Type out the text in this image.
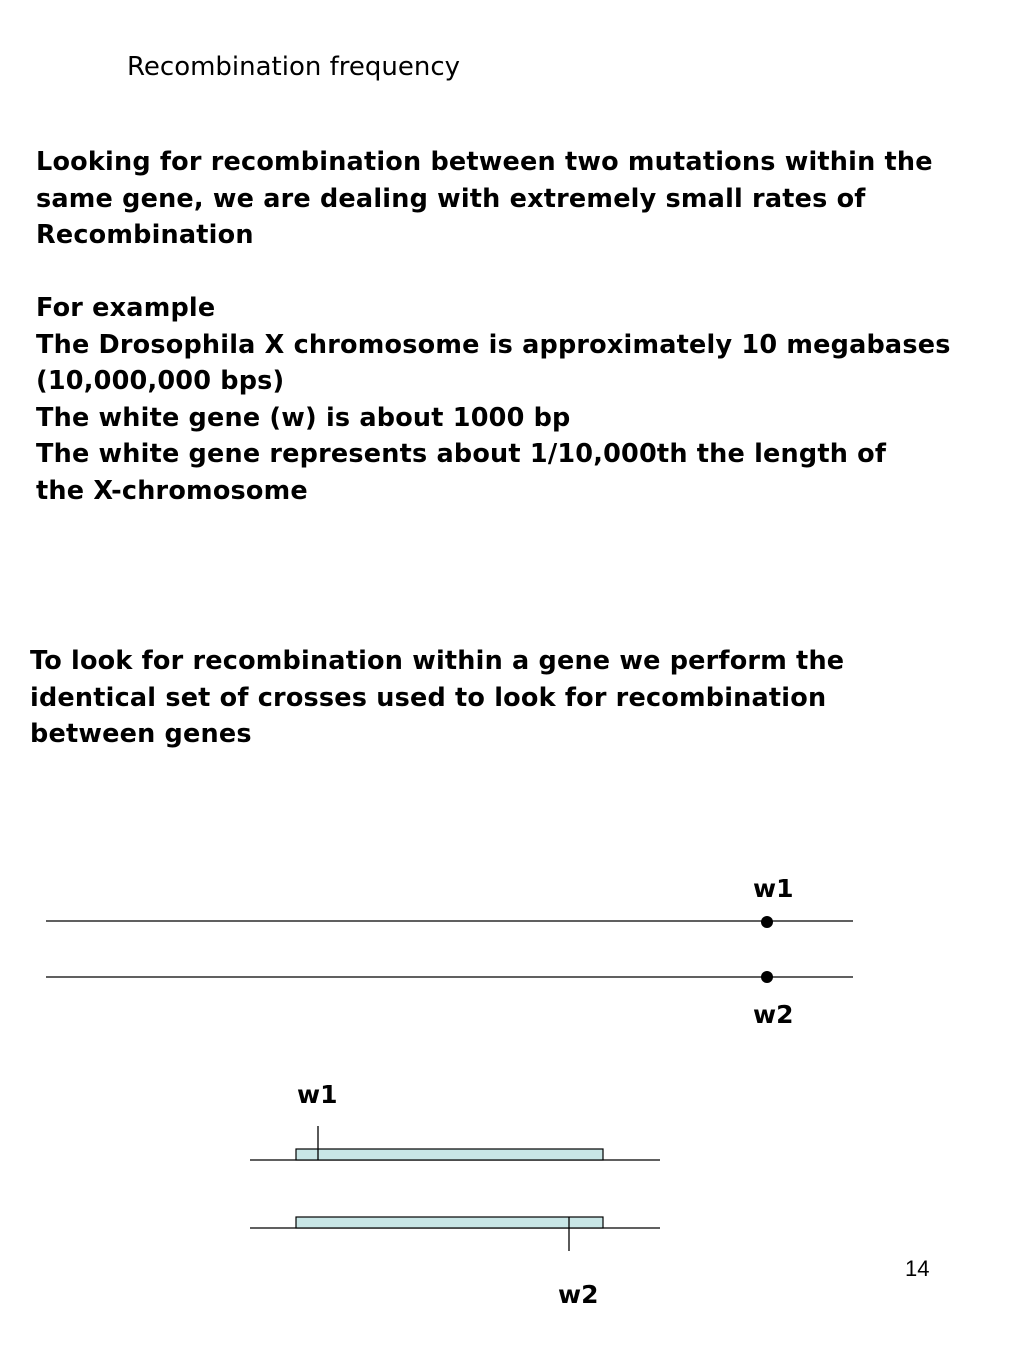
Recombination frequency
Looking for recombination between two mutations within the
same gene, we are dealing with extremely small rates of
Recombination
For example
The Drosophila X chromosome is approximately 10 megabases
(10,000,000 bps)
The white gene (w) is about 1000 bp
The white gene represents about 1/10,000th the length of
the X-chromosome
To look for recombination within a gene we perform the
identical set of crosses used to look for recombination
between genes
w1
w2
w1
w2
14
